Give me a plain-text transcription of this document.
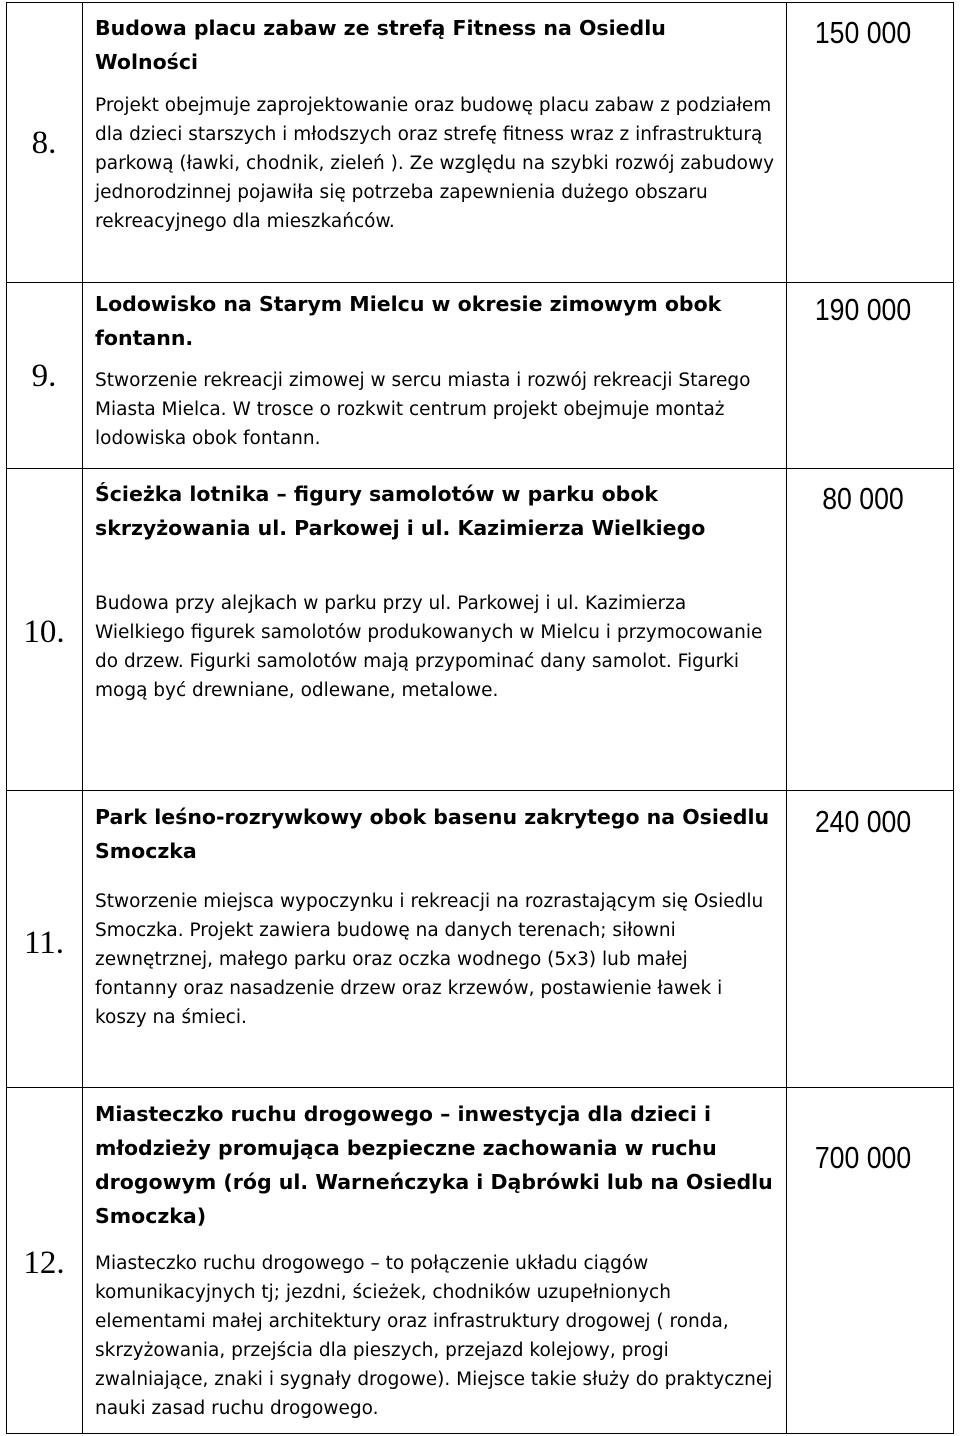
8.

Budowa placu zabaw ze strefą Fitness na Osiedlu Wolności

Projekt obejmuje zaprojektowanie oraz budowę placu zabaw z podziałem dla dzieci starszych i młodszych oraz strefę fitness wraz z infrastrukturą parkową (ławki, chodnik, zieleń ). Ze względu na szybki rozwój zabudowy jednorodzinnej pojawiła się potrzeba zapewnienia dużego obszaru rekreacyjnego dla mieszkańców.

150 000
9.

Lodowisko na Starym Mielcu w okresie zimowym obok fontann.

Stworzenie rekreacji zimowej w sercu miasta i rozwój rekreacji Starego Miasta Mielca. W trosce o rozkwit centrum projekt obejmuje montaż lodowiska obok fontann.

190 000
10.

Ścieżka lotnika – figury samolotów w parku obok skrzyżowania ul. Parkowej i ul. Kazimierza Wielkiego

Budowa przy alejkach w parku przy ul. Parkowej i ul. Kazimierza Wielkiego figurek samolotów produkowanych w Mielcu i przymocowanie do drzew. Figurki samolotów mają przypominać dany samolot. Figurki mogą być drewniane, odlewane, metalowe.

80 000
11.

Park leśno-rozrywkowy obok basenu zakrytego na Osiedlu Smoczka

Stworzenie miejsca wypoczynku i rekreacji na rozrastającym się Osiedlu Smoczka. Projekt zawiera budowę na danych terenach; siłowni zewnętrznej, małego parku oraz oczka wodnego (5x3) lub małej fontanny oraz nasadzenie drzew oraz krzewów, postawienie ławek i koszy na śmieci.

240 000
12.

Miasteczko ruchu drogowego – inwestycja dla dzieci i młodzieży promująca bezpieczne zachowania w ruchu drogowym (róg ul. Warneńczyka i Dąbrówki lub na Osiedlu Smoczka)

Miasteczko ruchu drogowego – to połączenie układu ciągów komunikacyjnych tj; jezdni, ścieżek, chodników uzupełnionych elementami małej architektury oraz infrastruktury drogowej ( ronda, skrzyżowania, przejścia dla pieszych, przejazd kolejowy, progi zwalniające, znaki i sygnały drogowe). Miejsce takie służy do praktycznej nauki zasad ruchu drogowego.

700 000
